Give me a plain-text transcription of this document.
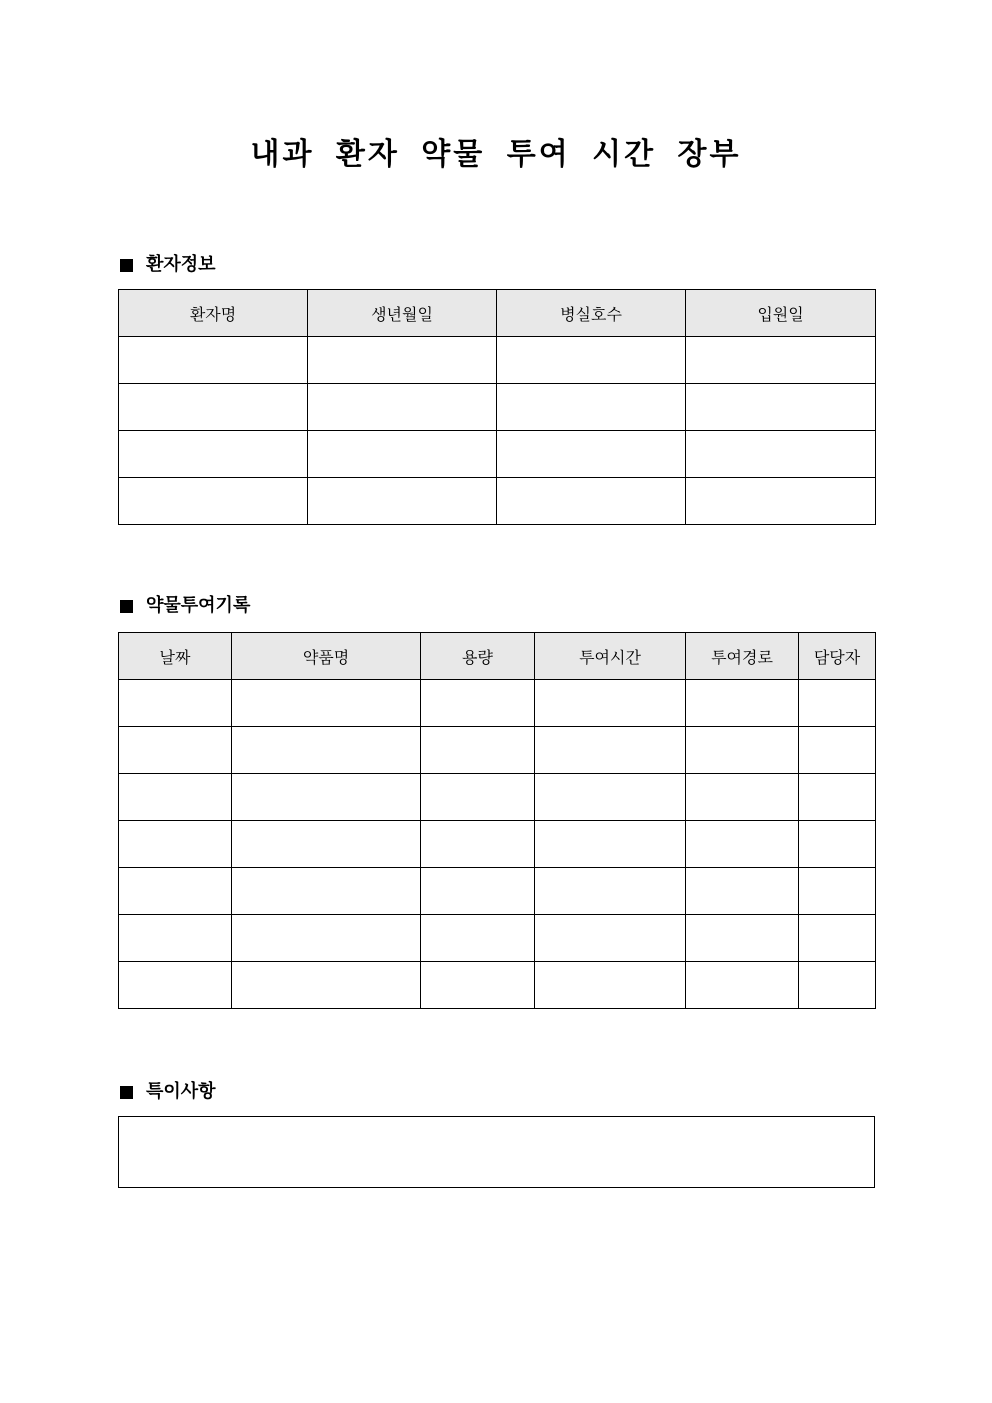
내과 환자 약물 투여 시간 장부
환자정보
환자명	생년월일	병실호수	입원일

약물투여기록
날짜	약품명	용량	투여시간	투여경로	담당자

특이사항
